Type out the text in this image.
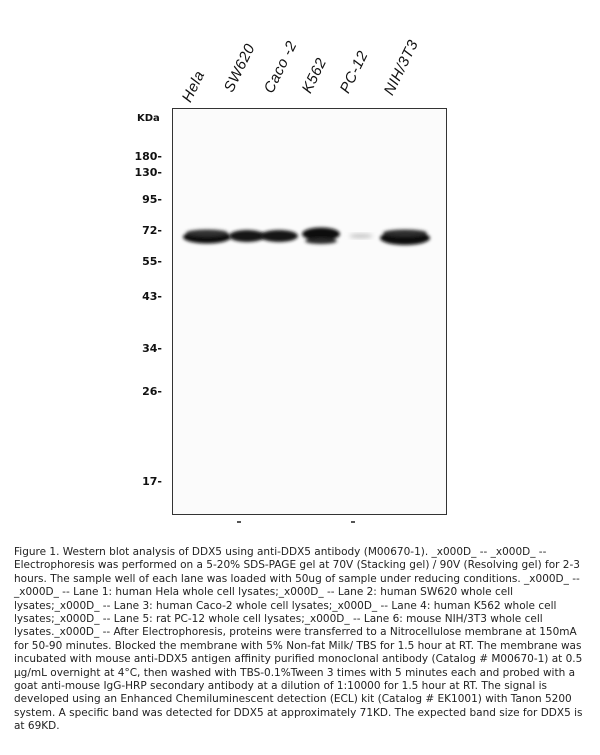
Hela SW620 Caco -2
K562 PC-12 NIH/3T3
KDa
180-
130-
95-
72-
55-
43-
34-
26-
17-
Figure 1. Western blot analysis of DDX5 using anti-DDX5 antibody (M00670-1). _x000D_ -- _x000D_ -- Electrophoresis was performed on a 5-20% SDS-PAGE gel at 70V (Stacking gel) / 90V (Resolving gel) for 2-3 hours. The sample well of each lane was loaded with 50ug of sample under reducing conditions. _x000D_ -- _x000D_ -- Lane 1: human Hela whole cell lysates;_x000D_ -- Lane 2: human SW620 whole cell lysates;_x000D_ -- Lane 3: human Caco-2 whole cell lysates;_x000D_ -- Lane 4: human K562 whole cell lysates;_x000D_ -- Lane 5: rat PC-12 whole cell lysates;_x000D_ -- Lane 6: mouse NIH/3T3 whole cell lysates._x000D_ -- After Electrophoresis, proteins were transferred to a Nitrocellulose membrane at 150mA for 50-90 minutes. Blocked the membrane with 5% Non-fat Milk/ TBS for 1.5 hour at RT. The membrane was incubated with mouse anti-DDX5 antigen affinity purified monoclonal antibody (Catalog # M00670-1) at 0.5 μg/mL overnight at 4°C, then washed with TBS-0.1%Tween 3 times with 5 minutes each and probed with a goat anti-mouse IgG-HRP secondary antibody at a dilution of 1:10000 for 1.5 hour at RT. The signal is developed using an Enhanced Chemiluminescent detection (ECL) kit (Catalog # EK1001) with Tanon 5200 system. A specific band was detected for DDX5 at approximately 71KD. The expected band size for DDX5 is at 69KD.
